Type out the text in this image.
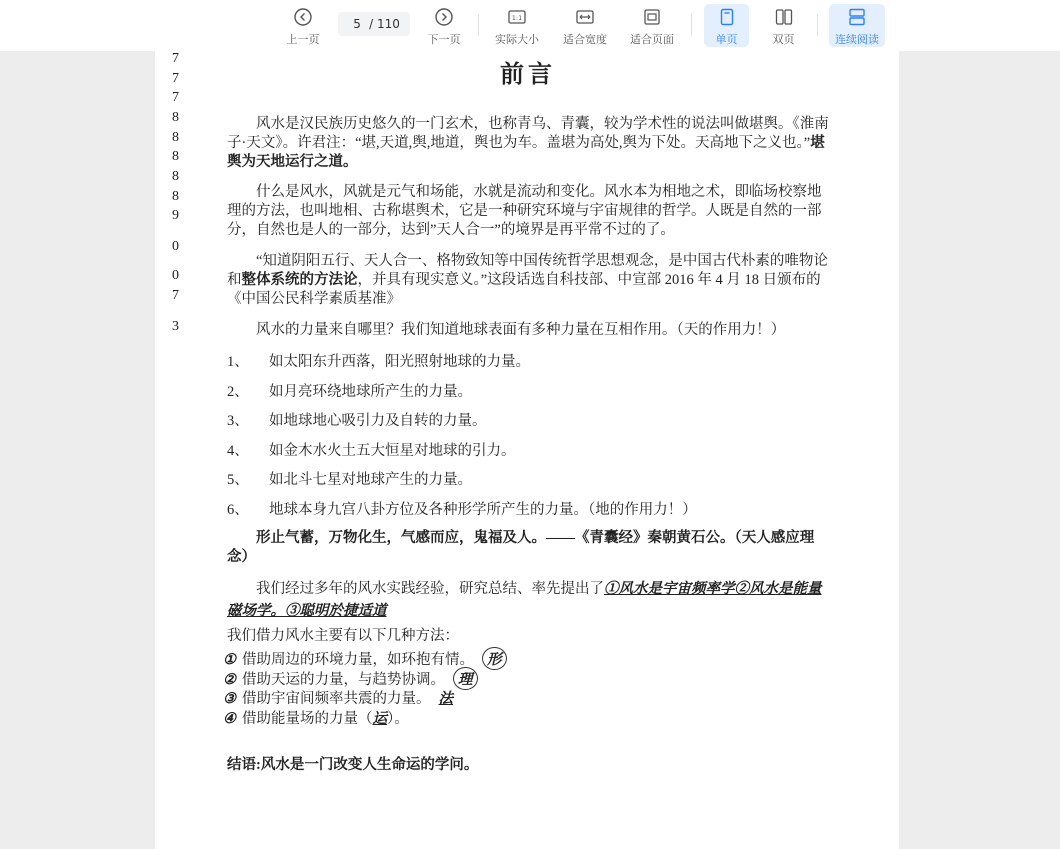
上一页
5
/ 110
下一页
1:1
实际大小 适合宽度 适合页面	单页	双页	连续阅读
7
7
7
8
8
8
8
8
9
0
0
7
3
前言
风水是汉民族历史悠久的一门玄术，也称青乌、青囊，较为学术性的说法叫做堪舆。《淮南子·天文》。许君注：“堪,天道,舆,地道，舆也为车。盖堪为高处,舆为下处。天高地下之义也。”堪舆为天地运行之道。
什么是风水，风就是元气和场能，水就是流动和变化。风水本为相地之术，即临场校察地理的方法，也叫地相、古称堪舆术，它是一种研究环境与宇宙规律的哲学。人既是自然的一部分，自然也是人的一部分，达到”天人合一”的境界是再平常不过的了。
“知道阴阳五行、天人合一、格物致知等中国传统哲学思想观念，是中国古代朴素的唯物论和整体系统的方法论，并具有现实意义。”这段话选自科技部、中宣部 2016 年 4 月 18 日颁布的《中国公民科学素质基准》
风水的力量来自哪里？我们知道地球表面有多种力量在互相作用。（天的作用力！）
1、 如太阳东升西落，阳光照射地球的力量。
2、 如月亮环绕地球所产生的力量。
3、 如地球地心吸引力及自转的力量。
4、 如金木水火土五大恒星对地球的引力。
5、 如北斗七星对地球产生的力量。
6、 地球本身九宫八卦方位及各种形学所产生的力量。（地的作用力！）
形止气蓄，万物化生，气感而应，鬼福及人。——《青囊经》秦朝黄石公。（天人感应理念）
我们经过多年的风水实践经验，研究总结、率先提出了①风水是宇宙频率学②风水是能量磁场学。③聪明於捷适道
我们借力风水主要有以下几种方法：
① 借助周边的环境力量，如环抱有情。 形
② 借助天运的力量，与趋势协调。 理
③ 借助宇宙间频率共震的力量。 法
④ 借助能量场的力量（运）。
结语:风水是一门改变人生命运的学问。
